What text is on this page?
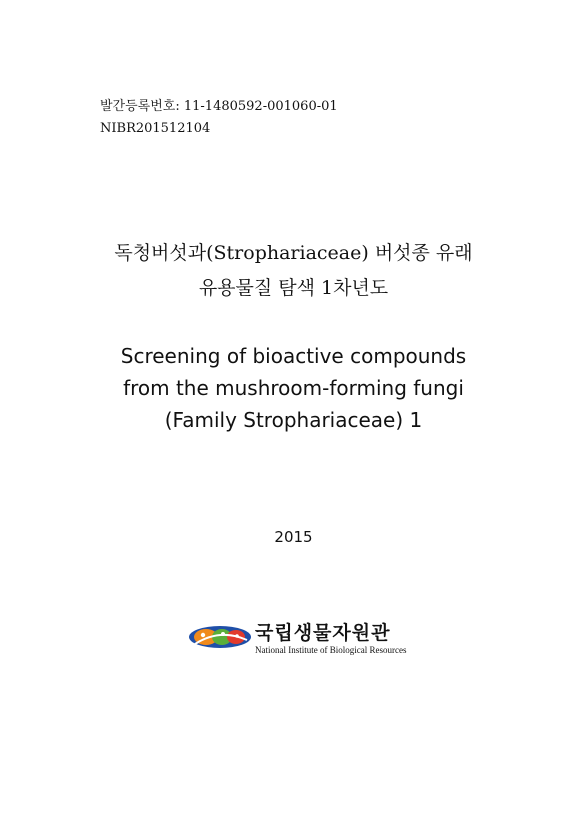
발간등록번호: 11-1480592-001060-01
NIBR201512104
독청버섯과(Strophariaceae) 버섯종 유래
유용물질 탐색 1차년도
Screening of bioactive compounds
from the mushroom-forming fungi
(Family Strophariaceae) 1
2015
국립생물자원관
National Institute of Biological Resources
